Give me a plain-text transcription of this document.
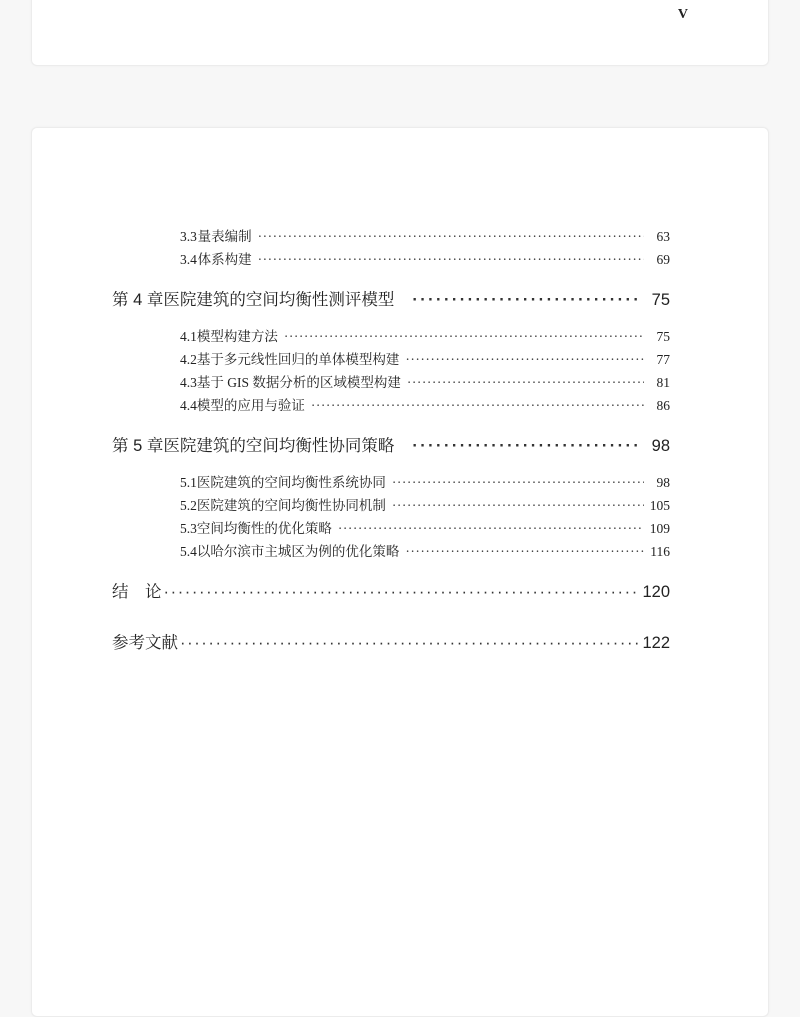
V
3.3 量表编制 ·····	63
3.4 体系构建 ·····	69
第 4 章 医院建筑的空间均衡性测评模型 ·····	75
4.1 模型构建方法 ·····	75
4.2 基于多元线性回归的单体模型构建 ·····	77
4.3 基于 GIS 数据分析的区域模型构建 ·····	81
4.4 模型的应用与验证 ·····	86
第 5 章 医院建筑的空间均衡性协同策略 ·····	98
5.1 医院建筑的空间均衡性系统协同 ·····	98
5.2 医院建筑的空间均衡性协同机制 ·····	105
5.3 空间均衡性的优化策略 ·····	109
5.4 以哈尔滨市主城区为例的优化策略 ·····	116
结　论 ·····	120
参考文献 ·····	122
